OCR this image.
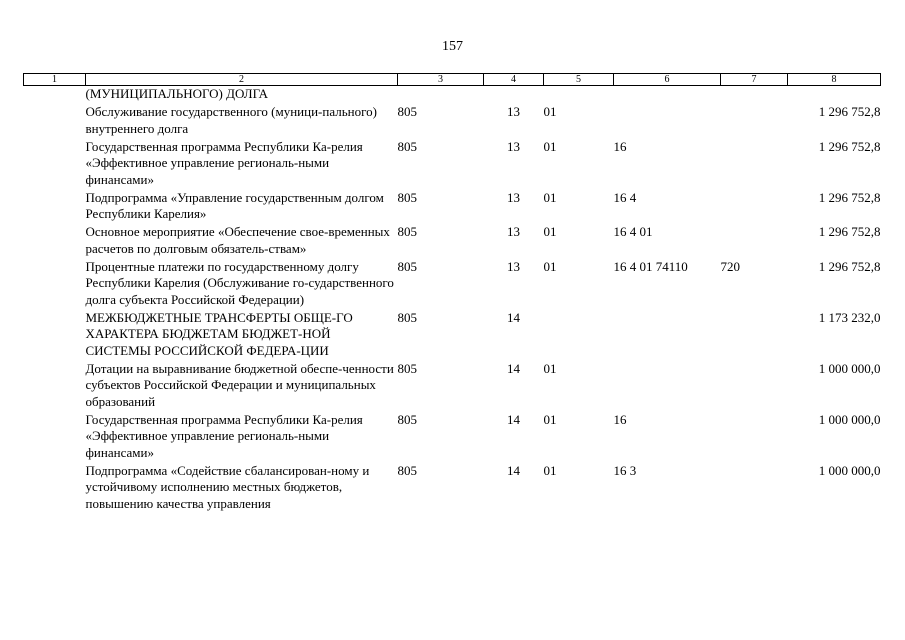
157
1	2	3	4	5	6	7	8
	(МУНИЦИПАЛЬНОГО) ДОЛГА						
	Обслуживание государственного (муници-пального) внутреннего долга	805	13	01			1 296 752,8
	Государственная программа Республики Ка-релия «Эффективное управление региональ-ными финансами»	805	13	01	16		1 296 752,8
	Подпрограмма «Управление государственным долгом Республики Карелия»	805	13	01	16 4		1 296 752,8
	Основное мероприятие «Обеспечение свое-временных расчетов по долговым обязатель-ствам»	805	13	01	16 4 01		1 296 752,8
	Процентные платежи по государственному долгу Республики Карелия (Обслуживание го-сударственного долга субъекта Российской Федерации)	805	13	01	16 4 01 74110	720	1 296 752,8
	МЕЖБЮДЖЕТНЫЕ ТРАНСФЕРТЫ ОБЩЕ-ГО ХАРАКТЕРА БЮДЖЕТАМ БЮДЖЕТ-НОЙ СИСТЕМЫ РОССИЙСКОЙ ФЕДЕРА-ЦИИ	805	14				1 173 232,0
	Дотации на выравнивание бюджетной обеспе-ченности субъектов Российской Федерации и муниципальных образований	805	14	01			1 000 000,0
	Государственная программа Республики Ка-релия «Эффективное управление региональ-ными финансами»	805	14	01	16		1 000 000,0
	Подпрограмма «Содействие сбалансирован-ному и устойчивому исполнению местных бюджетов, повышению качества управления	805	14	01	16 3		1 000 000,0
